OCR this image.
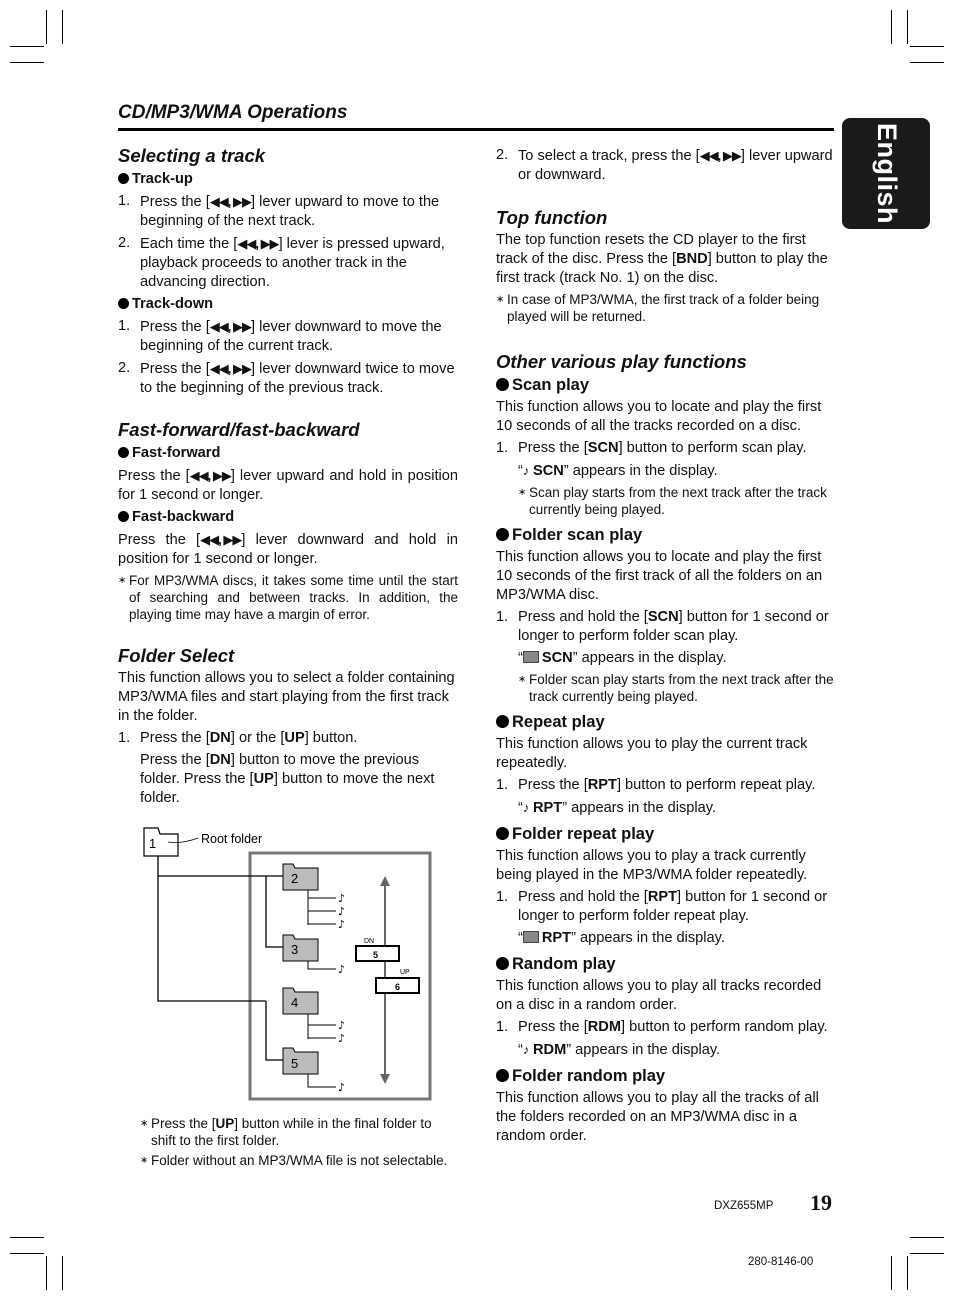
CD/MP3/WMA Operations
English
Selecting a track
Track-up
1. Press the [◀◀, ▶▶] lever upward to move to the beginning of the next track.
2. Each time the [◀◀, ▶▶] lever is pressed upward, playback proceeds to another track in the advancing direction.
Track-down
1. Press the [◀◀, ▶▶] lever downward to move the beginning of the current track.
2. Press the [◀◀, ▶▶] lever downward twice to move to the beginning of the previous track.
Fast-forward/fast-backward
Fast-forward

Press the [◀◀, ▶▶] lever upward and hold in position for 1 second or longer.

Fast-backward

Press the [◀◀, ▶▶] lever downward and hold in position for 1 second or longer.

∗ For MP3/WMA discs, it takes some time until the start of searching and between tracks. In addition, the playing time may have a margin of error.
Folder Select

This function allows you to select a folder containing MP3/WMA files and start playing from the first track in the folder.

1. Press the [DN] or the [UP] button.
Press the [DN] button to move the previous folder. Press the [UP] button to move the next folder.
1	Root folder
2
3
4
5
♪
♪
♪
♪
♪
♪
♪
DN
5
UP
6
∗ Press the [UP] button while in the final folder to shift to the first folder.
∗ Folder without an MP3/WMA file is not selectable.
2. To select a track, press the [◀◀, ▶▶] lever upward or downward.
Top function

The top function resets the CD player to the first track of the disc. Press the [BND] button to play the first track (track No. 1) on the disc.

∗ In case of MP3/WMA, the first track of a folder being played will be returned.
Other various play functions
Scan play

This function allows you to locate and play the first 10 seconds of all the tracks recorded on a disc.

1. Press the [SCN] button to perform scan play.
“♪ SCN” appears in the display.
∗ Scan play starts from the next track after the track currently being played.
Folder scan play

This function allows you to locate and play the first 10 seconds of the first track of all the folders on an MP3/WMA disc.

1. Press and hold the [SCN] button for 1 second or longer to perform folder scan play.
“ SCN” appears in the display.
∗ Folder scan play starts from the next track after the track currently being played.
Repeat play

This function allows you to play the current track repeatedly.

1. Press the [RPT] button to perform repeat play.
“♪ RPT” appears in the display.
Folder repeat play

This function allows you to play a track currently being played in the MP3/WMA folder repeatedly.

1. Press and hold the [RPT] button for 1 second or longer to perform folder repeat play.
“ RPT” appears in the display.
Random play

This function allows you to play all tracks recorded on a disc in a random order.

1. Press the [RDM] button to perform random play.
“♪ RDM” appears in the display.
Folder random play

This function allows you to play all the tracks of all the folders recorded on an MP3/WMA disc in a random order.

DXZ655MP 19
280-8146-00
